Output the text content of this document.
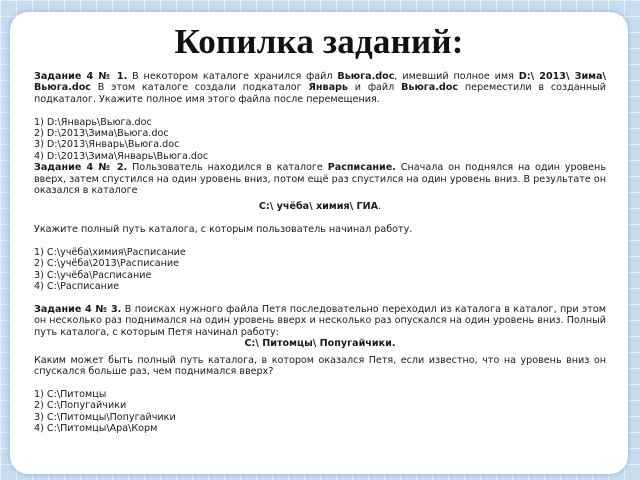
Копилка заданий:
Задание 4 № 1. В некотором каталоге хранился файл Вьюга.doc, имевший полное имя D:\ 2013\ Зима\ Вьюга.doc В этом каталоге создали подкаталог Январь и файл Вьюга.doc переместили в созданный подкаталог. Укажите полное имя этого файла после перемещения.
1) D:\Январь\Вьюга.doc
2) D:\2013\Зима\Вьюга.doc
3) D:\2013\Январь\Вьюга.doc
4) D:\2013\Зима\Январь\Вьюга.doc
Задание 4 № 2. Пользователь находился в каталоге Расписание. Сначала он поднялся на один уровень вверх, затем спустился на один уровень вниз, потом ещё раз спустился на один уровень вниз. В результате он оказался в каталоге
С:\ учёба\ химия\ ГИА.
Укажите полный путь каталога, с которым пользователь начинал работу.
1) С:\учёба\химия\Расписание
2) С:\учёба\2013\Расписание
3) С:\учёба\Расписание
4) С:\Расписание
Задание 4 № 3. В поисках нужного файла Петя последовательно переходил из каталога в каталог, при этом он несколько раз поднимался на один уровень вверх и несколько раз опускался на один уровень вниз. Полный путь каталога, с которым Петя начинал работу:
С:\ Питомцы\ Попугайчики.
Каким может быть полный путь каталога, в котором оказался Петя, если известно, что на уровень вниз он спускался больше раз, чем поднимался вверх?
1) С:\Питомцы
2) С:\Попугайчики
3) С:\Питомцы\Попугайчики
4) С:\Питомцы\Ара\Корм
